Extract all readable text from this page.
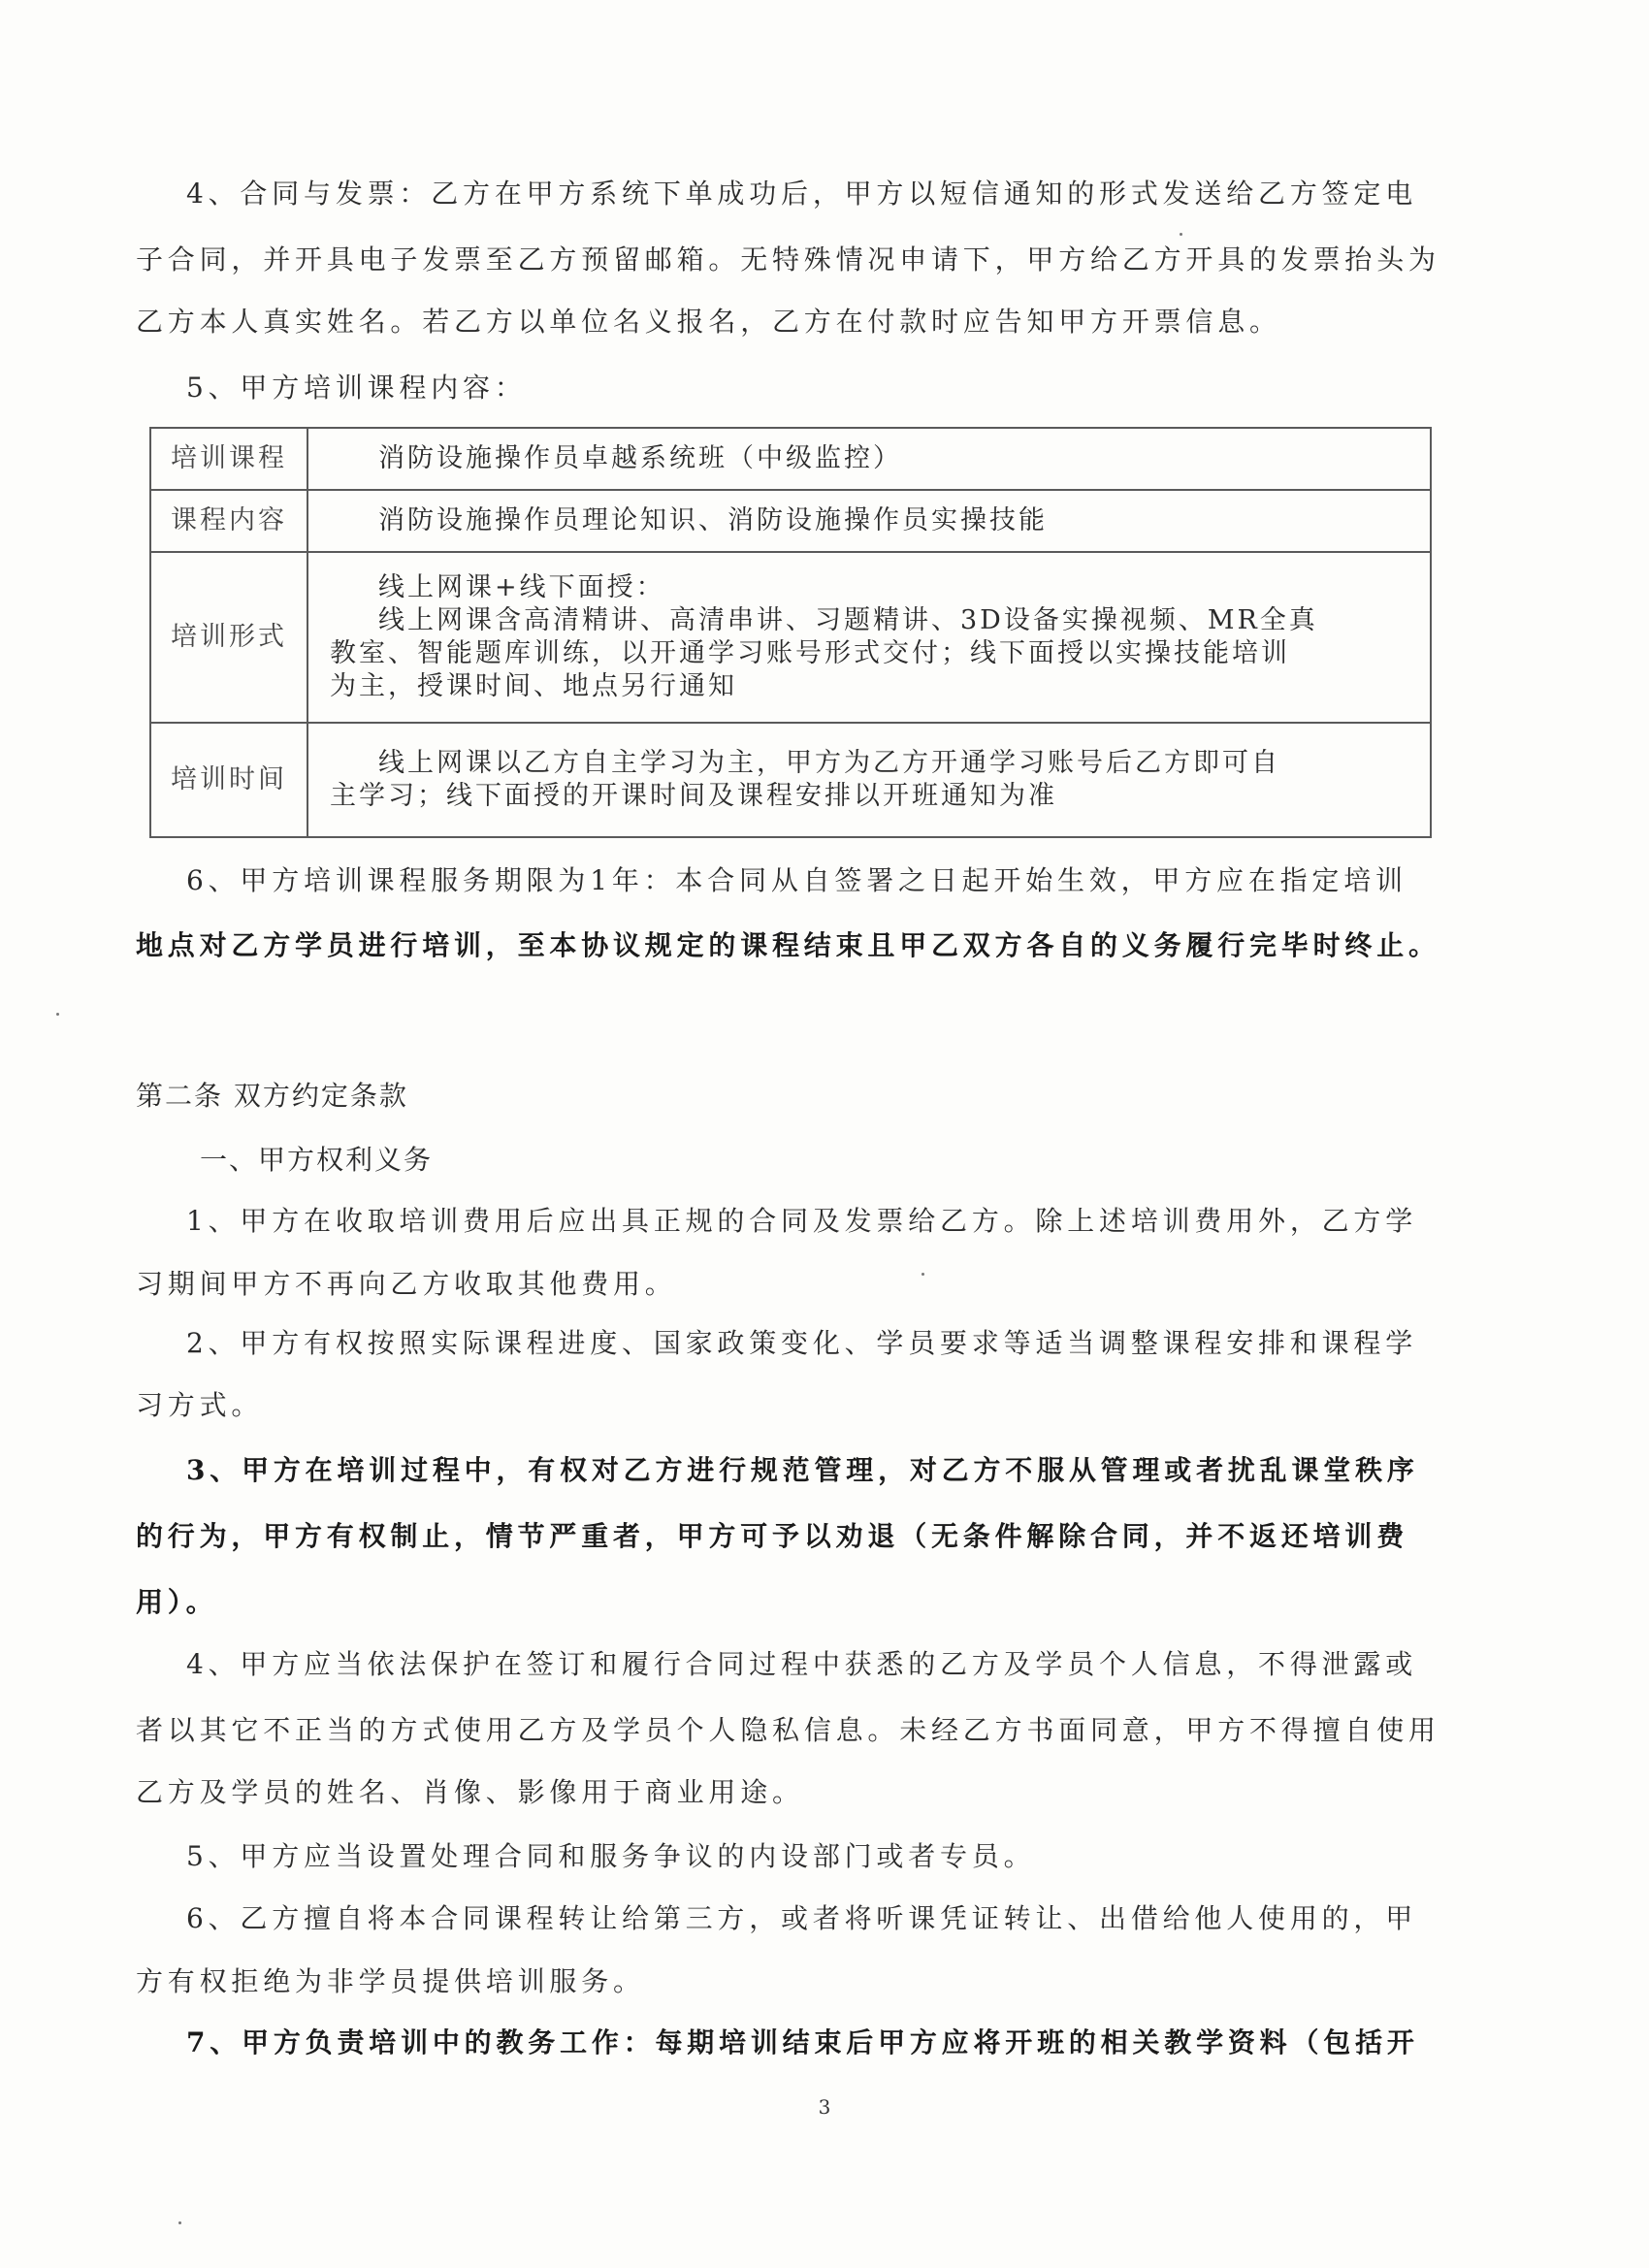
4、合同与发票：乙方在甲方系统下单成功后，甲方以短信通知的形式发送给乙方签定电
子合同，并开具电子发票至乙方预留邮箱。无特殊情况申请下，甲方给乙方开具的发票抬头为
乙方本人真实姓名。若乙方以单位名义报名，乙方在付款时应告知甲方开票信息。
5、甲方培训课程内容：
培训课程	消防设施操作员卓越系统班（中级监控）

课程内容	消防设施操作员理论知识、消防设施操作员实操技能

培训形式	线上网课+线下面授：
线上网课含高清精讲、高清串讲、习题精讲、3D设备实操视频、MR全真
教室、智能题库训练，以开通学习账号形式交付；线下面授以实操技能培训
为主，授课时间、地点另行通知

培训时间	线上网课以乙方自主学习为主，甲方为乙方开通学习账号后乙方即可自
主学习；线下面授的开课时间及课程安排以开班通知为准
6、甲方培训课程服务期限为1年：本合同从自签署之日起开始生效，甲方应在指定培训
地点对乙方学员进行培训，至本协议规定的课程结束且甲乙双方各自的义务履行完毕时终止。
第二条 双方约定条款
一、甲方权利义务
1、甲方在收取培训费用后应出具正规的合同及发票给乙方。除上述培训费用外，乙方学
习期间甲方不再向乙方收取其他费用。
2、甲方有权按照实际课程进度、国家政策变化、学员要求等适当调整课程安排和课程学
习方式。
3、甲方在培训过程中，有权对乙方进行规范管理，对乙方不服从管理或者扰乱课堂秩序
的行为，甲方有权制止，情节严重者，甲方可予以劝退（无条件解除合同，并不返还培训费
用）。
4、甲方应当依法保护在签订和履行合同过程中获悉的乙方及学员个人信息，不得泄露或
者以其它不正当的方式使用乙方及学员个人隐私信息。未经乙方书面同意，甲方不得擅自使用
乙方及学员的姓名、肖像、影像用于商业用途。
5、甲方应当设置处理合同和服务争议的内设部门或者专员。
6、乙方擅自将本合同课程转让给第三方，或者将听课凭证转让、出借给他人使用的，甲
方有权拒绝为非学员提供培训服务。
7、甲方负责培训中的教务工作：每期培训结束后甲方应将开班的相关教学资料（包括开
3
